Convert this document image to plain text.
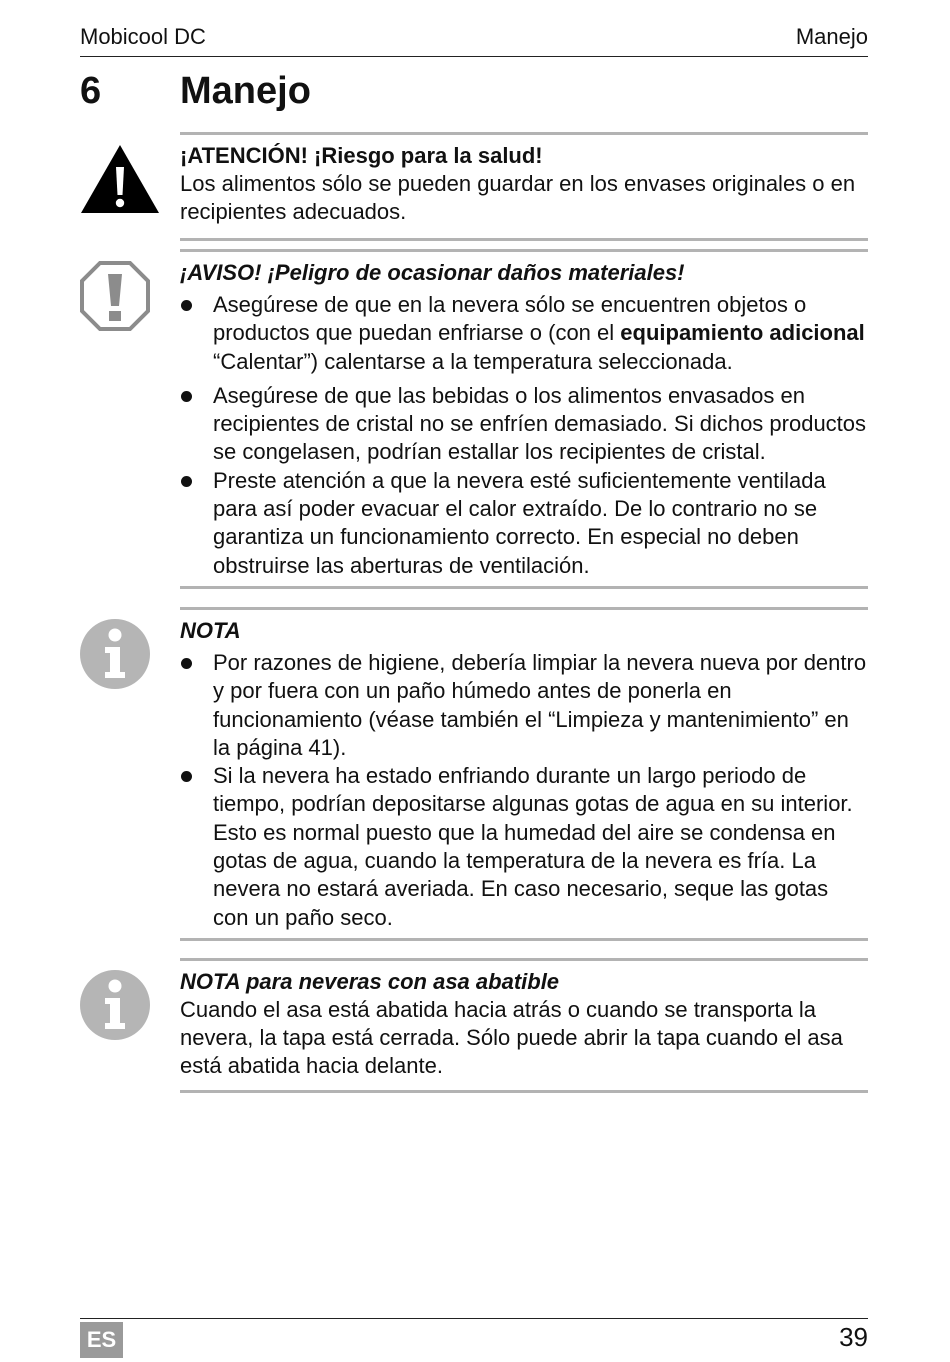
Mobicool DC	Manejo
6 Manejo
¡ATENCIÓN! ¡Riesgo para la salud!
Los alimentos sólo se pueden guardar en los envases originales o en recipientes adecuados.
¡AVISO! ¡Peligro de ocasionar daños materiales!
Asegúrese de que en la nevera sólo se encuentren objetos o productos que puedan enfriarse o (con el equipamiento adicional “Calentar”) calentarse a la temperatura seleccionada.
Asegúrese de que las bebidas o los alimentos envasados en recipientes de cristal no se enfríen demasiado. Si dichos productos se congelasen, podrían estallar los recipientes de cristal.
Preste atención a que la nevera esté suficientemente ventilada para así poder evacuar el calor extraído. De lo contrario no se garantiza un funcionamiento correcto. En especial no deben obstruirse las aberturas de ventilación.
NOTA
Por razones de higiene, debería limpiar la nevera nueva por dentro y por fuera con un paño húmedo antes de ponerla en funcionamiento (véase también el “Limpieza y mantenimiento” en la página 41).
Si la nevera ha estado enfriando durante un largo periodo de tiempo, podrían depositarse algunas gotas de agua en su interior. Esto es normal puesto que la humedad del aire se condensa en gotas de agua, cuando la temperatura de la nevera es fría. La nevera no estará averiada. En caso necesario, seque las gotas con un paño seco.
NOTA para neveras con asa abatible
Cuando el asa está abatida hacia atrás o cuando se transporta la nevera, la tapa está cerrada. Sólo puede abrir la tapa cuando el asa está abatida hacia delante.
ES	39
